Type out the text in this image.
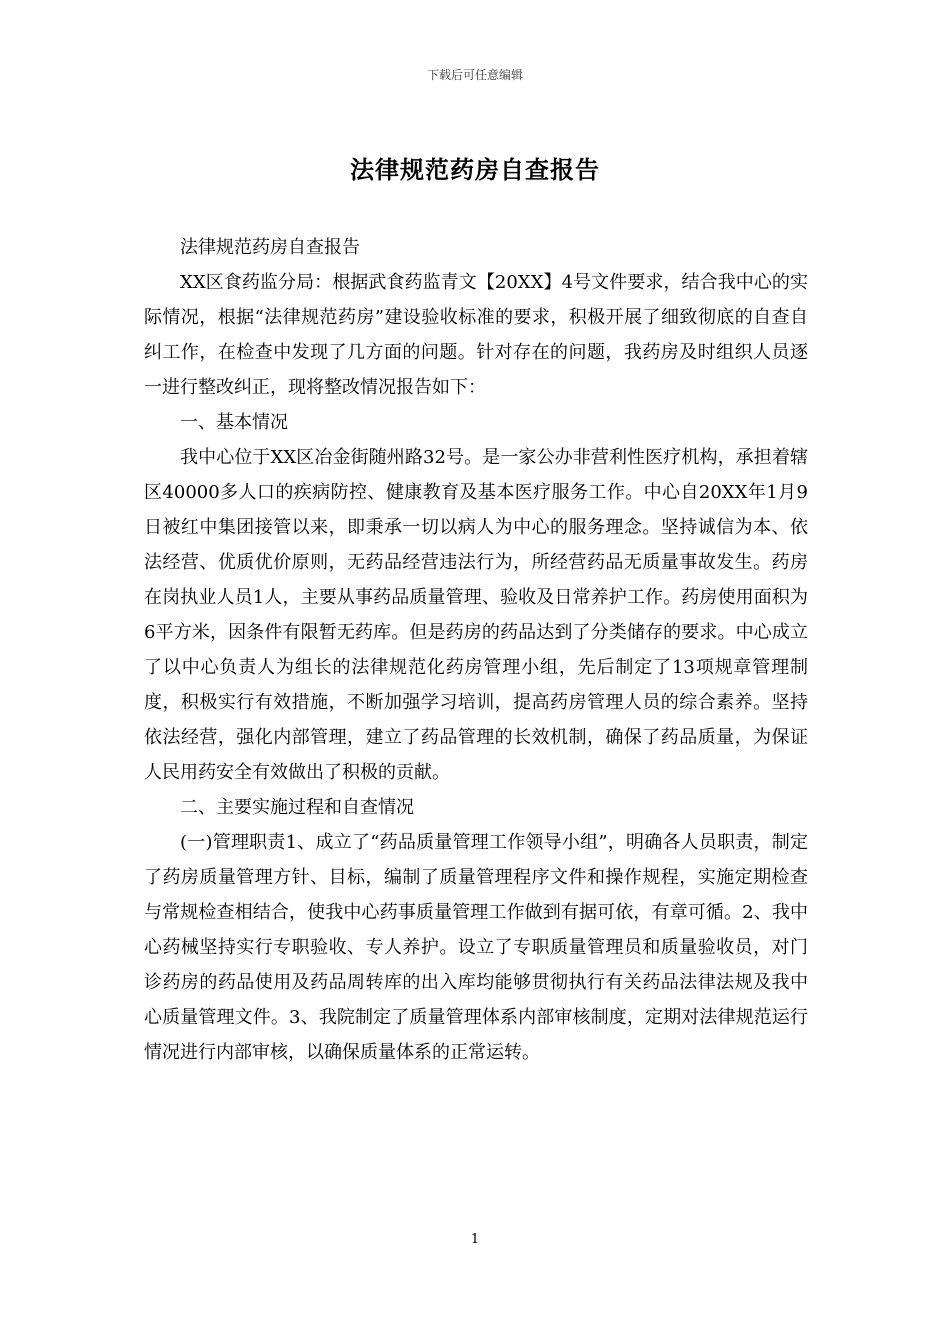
下载后可任意编辑
法律规范药房自查报告

法律规范药房自查报告

XX区食药监分局：根据武食药监青文【20XX】4号文件要求，结合我中心的实际情况，根据“法律规范药房”建设验收标准的要求，积极开展了细致彻底的自查自纠工作，在检查中发现了几方面的问题。针对存在的问题，我药房及时组织人员逐一进行整改纠正，现将整改情况报告如下：

一、基本情况

我中心位于XX区冶金街随州路32号。是一家公办非营利性医疗机构，承担着辖区40000多人口的疾病防控、健康教育及基本医疗服务工作。中心自20XX年1月9日被红中集团接管以来，即秉承一切以病人为中心的服务理念。坚持诚信为本、依法经营、优质优价原则，无药品经营违法行为，所经营药品无质量事故发生。药房在岗执业人员1人，主要从事药品质量管理、验收及日常养护工作。药房使用面积为6平方米，因条件有限暂无药库。但是药房的药品达到了分类储存的要求。中心成立了以中心负责人为组长的法律规范化药房管理小组，先后制定了13项规章管理制度，积极实行有效措施，不断加强学习培训，提高药房管理人员的综合素养。坚持依法经营，强化内部管理，建立了药品管理的长效机制，确保了药品质量，为保证人民用药安全有效做出了积极的贡献。

二、主要实施过程和自查情况

(一)管理职责1、成立了“药品质量管理工作领导小组”，明确各人员职责，制定了药房质量管理方针、目标，编制了质量管理程序文件和操作规程，实施定期检查与常规检查相结合，使我中心药事质量管理工作做到有据可依，有章可循。2、我中心药械坚持实行专职验收、专人养护。设立了专职质量管理员和质量验收员，对门诊药房的药品使用及药品周转库的出入库均能够贯彻执行有关药品法律法规及我中心质量管理文件。3、我院制定了质量管理体系内部审核制度，定期对法律规范运行情况进行内部审核，以确保质量体系的正常运转。

1
